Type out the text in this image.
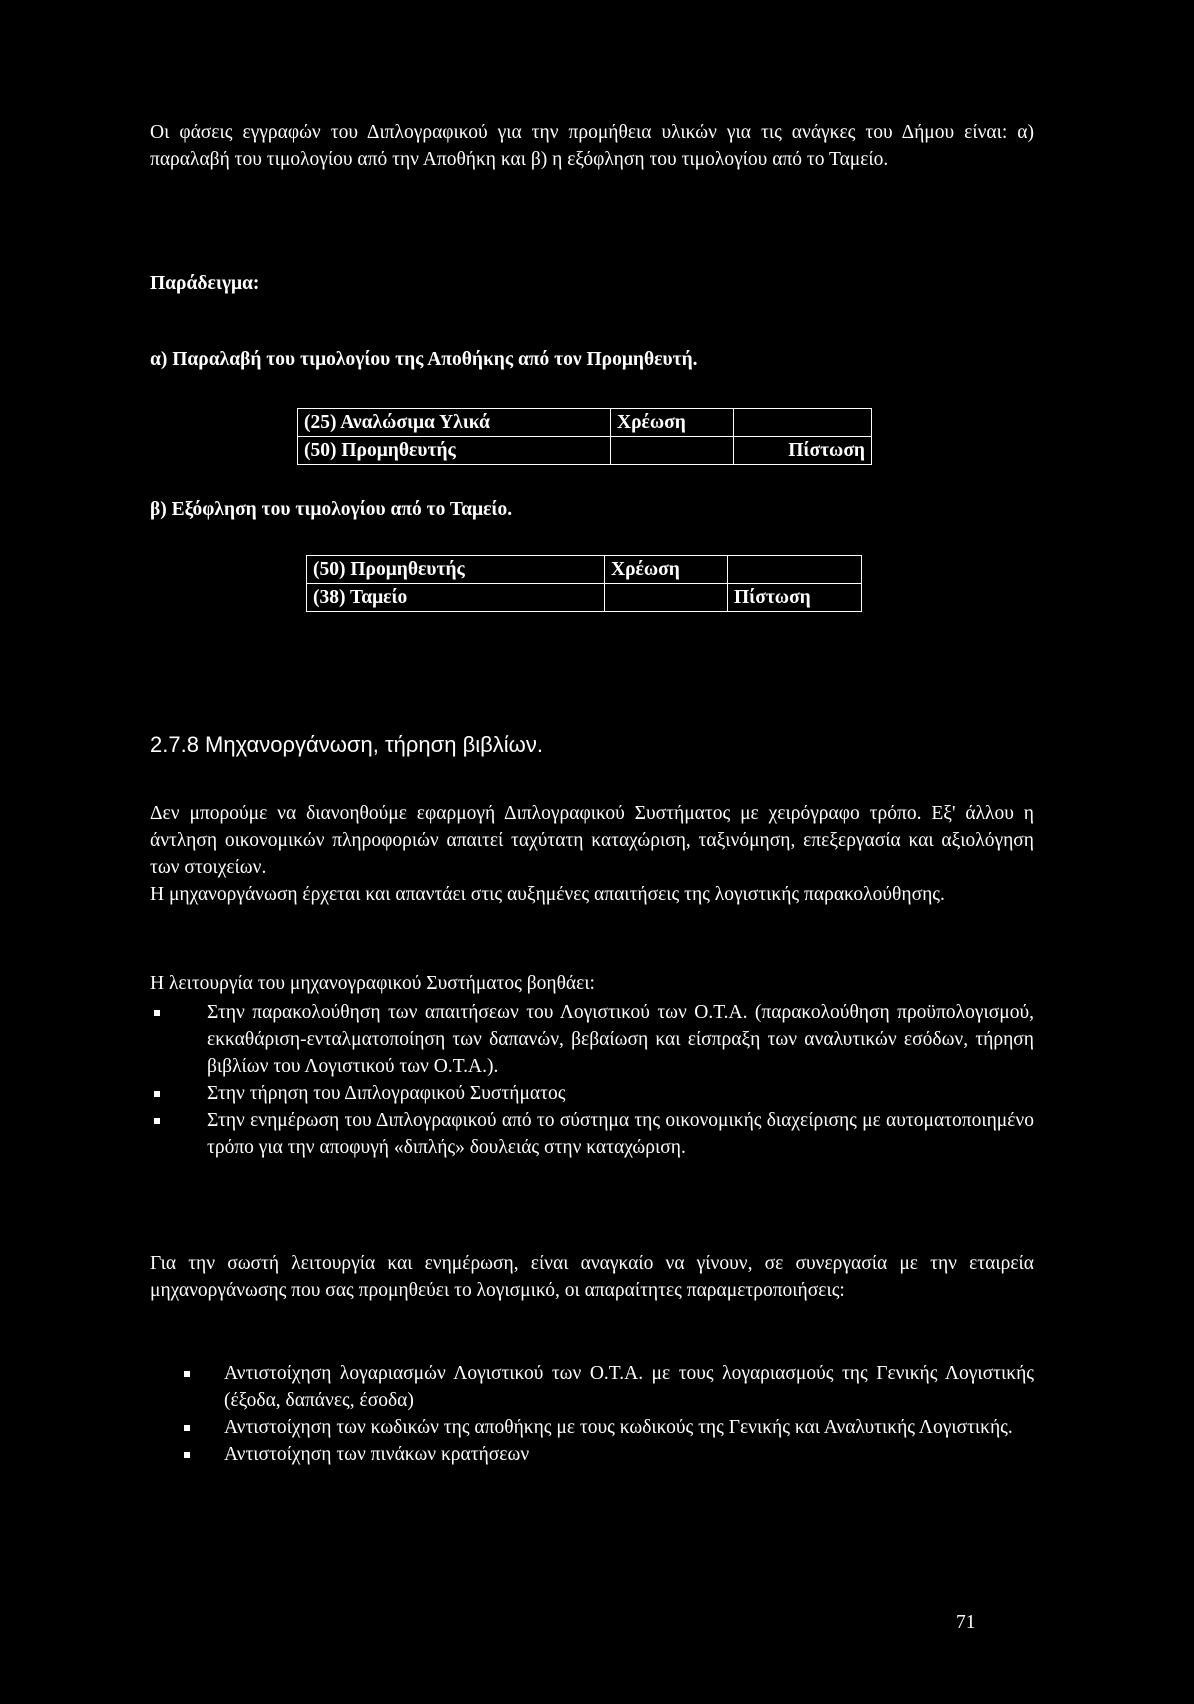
Οι φάσεις εγγραφών του Διπλογραφικού για την προμήθεια υλικών για τις ανάγκες του Δήμου είναι: α) παραλαβή του τιμολογίου από την Αποθήκη και β) η εξόφληση του τιμολογίου από το Ταμείο.
Παράδειγμα:
α) Παραλαβή του τιμολογίου της Αποθήκης από τον Προμηθευτή.
(25) Αναλώσιμα Υλικά	Χρέωση	
(50) Προμηθευτής		Πίστωση
β) Εξόφληση του τιμολογίου από το Ταμείο.
(50) Προμηθευτής	Χρέωση	
(38) Ταμείο		Πίστωση
2.7.8 Μηχανοργάνωση, τήρηση βιβλίων.
Δεν μπορούμε να διανοηθούμε εφαρμογή Διπλογραφικού Συστήματος με χειρόγραφο τρόπο. Εξ' άλλου η άντληση οικονομικών πληροφοριών απαιτεί ταχύτατη καταχώριση, ταξινόμηση, επεξεργασία και αξιολόγηση των στοιχείων.
Η μηχανοργάνωση έρχεται και απαντάει στις αυξημένες απαιτήσεις της λογιστικής παρακολούθησης.
Η λειτουργία του μηχανογραφικού Συστήματος βοηθάει:
Στην παρακολούθηση των απαιτήσεων του Λογιστικού των Ο.Τ.Α. (παρακολούθηση προϋπολογισμού, εκκαθάριση-ενταλματοποίηση των δαπανών, βεβαίωση και είσπραξη των αναλυτικών εσόδων, τήρηση βιβλίων του Λογιστικού των Ο.Τ.Α.).
Στην τήρηση του Διπλογραφικού Συστήματος
Στην ενημέρωση του Διπλογραφικού από το σύστημα της οικονομικής διαχείρισης με αυτοματοποιημένο τρόπο για την αποφυγή «διπλής» δουλειάς στην καταχώριση.
Για την σωστή λειτουργία και ενημέρωση, είναι αναγκαίο να γίνουν, σε συνεργασία με την εταιρεία μηχανοργάνωσης που σας προμηθεύει το λογισμικό, οι απαραίτητες παραμετροποιήσεις:
Αντιστοίχηση λογαριασμών Λογιστικού των Ο.Τ.Α. με τους λογαριασμούς της Γενικής Λογιστικής (έξοδα, δαπάνες, έσοδα)
Αντιστοίχηση των κωδικών της αποθήκης με τους κωδικούς της Γενικής και Αναλυτικής Λογιστικής.
Αντιστοίχηση των πινάκων κρατήσεων
71
